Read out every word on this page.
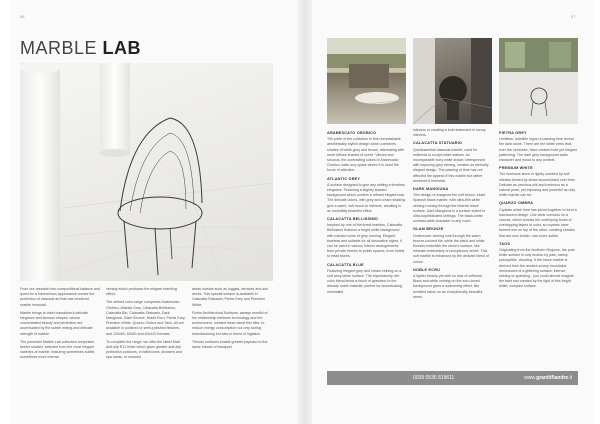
56	57
MARBLE LAB

From our research into compositional balance and quest for a harmonious appearance comes the perfection of classical art that has rendered marble immortal.

Marble brings to mind classicism's delicate elegance and sinuous shapes, whose concentrated beauty and perfection are accentuated by the subtle mixing and delicate strength of marble.

The porcelain Marble Lab collection comprises twelve shades, selected from the most elegant varieties of marble, featuring sometimes subtle, sometimes more intense

veining which produces the elegant marbling effect.

The refined color range comprises Arabescato Orobico, Atlantic Grey, Calacatta Bellissimo, Calacatta Blu, Calacatta Statuario, Dark Mangiuna, Glam Bronze, Noble Ecru, Pietra Grey, Premium White, Quarzo Ombra and Taos. All are available in polished or semi-polished finishes, and 120x60, 60x60 and 60x120 formats.

To complete the range, we offer the latest Matt Anti-slip R11 finish which gives greater anti-slip protection outdoors, in bathrooms, showers and spa areas, or covered

areas outside such as loggias, terraces and sun decks. This special surface is available in Calacatta Statuario, Pietra Grey and Premium White.

Florim Architectural Surfaces, always mindful of the relationship between technology and the environment, created these latest thin tiles, to reduce energy consumption not only during manufacturing but also in terms of logistics.

Thinner surfaces enable greater payload on the same means of transport.

ARABESCATO OROBICO

The pride of the collection in this unmistakable aesthetically stylish design which combines shades of white-grey and brown, alternating with more diffuse shades of ochre. Vibrant and sinuous, the contrasting colors of Arabescato Orobico make any space where it is used the focus of attention.

ATLANTIC GREY

A surface designed to give any setting a timeless elegance. Featuring a slightly shaded background which confers a refined elegant look. The delicate colors, with grey and cream shading give a warm, soft touch to interiors, resulting in an incredibly beautiful effect.

CALACATTA BELLISSIMO

Inspired by one of the finest marbles, Calacatta Bellissimo features a bright white background with marked veins of grey running. Elegant, timeless and suitable for all decorative styles, it can be used in various interior arrangements, from private homes to public spaces, from hotels to retail stores.

CALACATTA BLUE

Featuring elegant grey and cream veining on a soft ivory-white surface. The impressively rich color blend lends a touch of grandeur to the already noble material, perfect for accentuating minimalist

interiors or creating a bold statement in luxury interiors.

CALACATTA STATUARIO

Quintessential classical marble, used for millennia to sculpt noble statues. An incomparable ivory white shade, interspersed with imposing grey veining, creates an eternally elegant design. The passing of time has not affected the appeal of this marble but rather rendered it immortal.

DARK MANGIUNA

This design re-imagines the soft brown, inlaid Spanish black marble, with ultra-thin white veining running through the intense black surface. Dark Mangiuna is a surface suited to ultra-sophisticated settings. The black-white contrast adds character to any room.

GLAM BRONZE

Undercover veining cuts through the warm bronze-colored tile, while the black and white threads embellish the stone's surface, like intricate embroidery on sumptuous velvet. This soft marble is enhanced by the delicate blend of colors.

NOBLE ECRU

A lighter beauty yet with no loss of softness. Black and white veining on the ecru-toned background gives a welcoming effect, like wrinkled fabric on an exceptionally beautiful dress.

PIETRA GREY

Limitless, indelible signs of passing time reveal the dark stone. There are the white veins that, over the centuries, have created bold yet elegant patterning. The dark grey background adds character and mood to any context.

PREMIUM WHITE

The luminous stone is lightly combed by soft streaks formed by strata accumulated over time. Delicate as precious silk and luminous as a natural pearl, yet imposing and powerful as only white marble can be.

QUARZO OMBRA

Crystals which time has joined together to form a translucent design. Like clear cumulus on a canvas, which reveals the underlying tones of overlapping layers of color, so crystals have formed one on top of the other, creating shades that are now bolder, now more subtle.

TAOS

Originating from the Northern Regions, the pure white surface is only broken by pale, barely perceptible, clouding. If the stone marble is derived from the ancient snowy mountains, reminiscent of a glittering surface, intense, shining or sparkling - you could almost imagine the faint rust created by the light of this bright white, compact surface.

0039 0536 819611	www.granitifiandre.it
